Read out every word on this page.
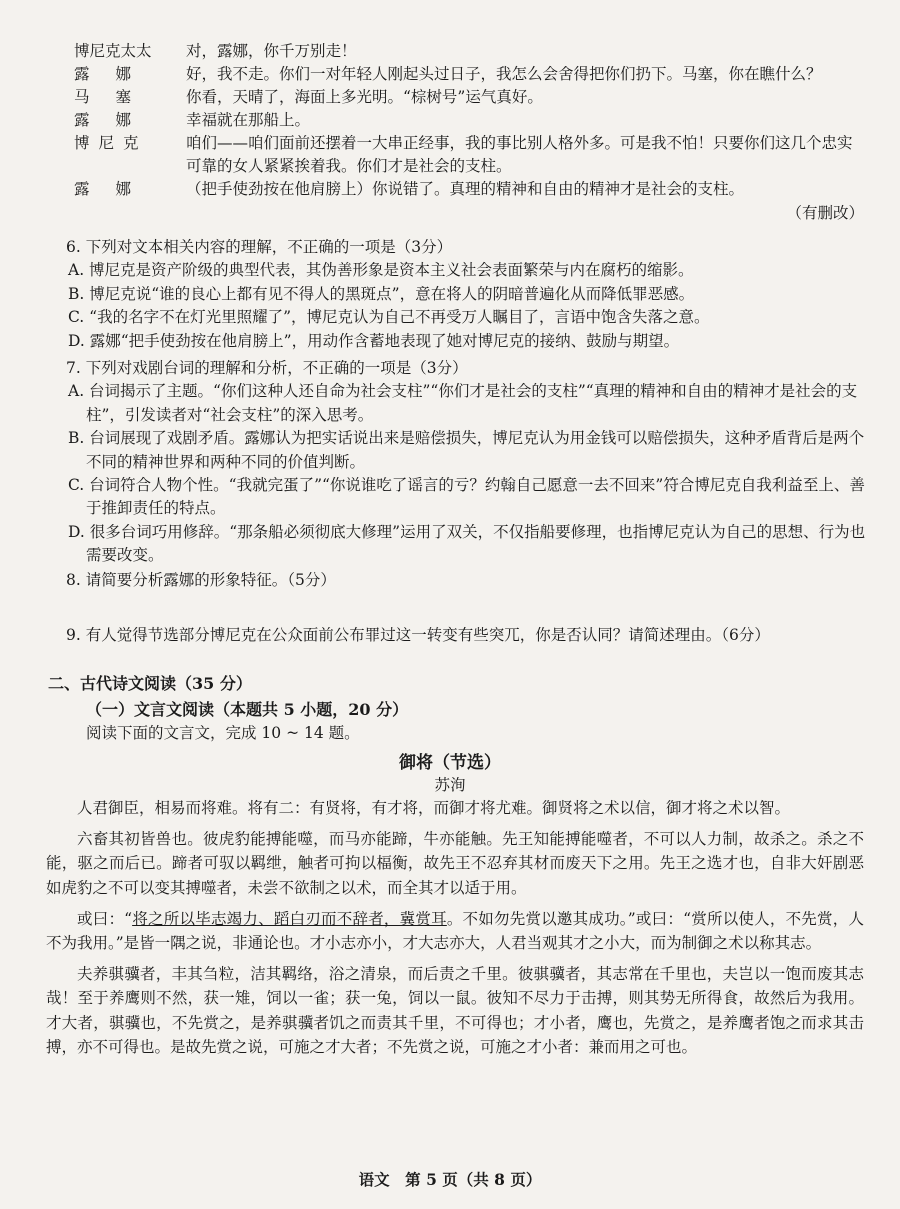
博尼克太太	对，露娜，你千万别走！
露娜	好，我不走。你们一对年轻人刚起头过日子，我怎么会舍得把你们扔下。马塞，你在瞧什么？
马塞	你看，天晴了，海面上多光明。“棕树号”运气真好。
露娜	幸福就在那船上。
博尼克	咱们——咱们面前还摆着一大串正经事，我的事比别人格外多。可是我不怕！只要你们这几个忠实可靠的女人紧紧挨着我。你们才是社会的支柱。
露娜	（把手使劲按在他肩膀上）你说错了。真理的精神和自由的精神才是社会的支柱。
（有删改）

6. 下列对文本相关内容的理解，不正确的一项是（3分）

A. 博尼克是资产阶级的典型代表，其伪善形象是资本主义社会表面繁荣与内在腐朽的缩影。

B. 博尼克说“谁的良心上都有见不得人的黑斑点”，意在将人的阴暗普遍化从而降低罪恶感。

C. “我的名字不在灯光里照耀了”，博尼克认为自己不再受万人瞩目了，言语中饱含失落之意。

D. 露娜“把手使劲按在他肩膀上”，用动作含蓄地表现了她对博尼克的接纳、鼓励与期望。

7. 下列对戏剧台词的理解和分析，不正确的一项是（3分）

A. 台词揭示了主题。“你们这种人还自命为社会支柱”“你们才是社会的支柱”“真理的精神和自由的精神才是社会的支柱”，引发读者对“社会支柱”的深入思考。

B. 台词展现了戏剧矛盾。露娜认为把实话说出来是赔偿损失，博尼克认为用金钱可以赔偿损失，这种矛盾背后是两个不同的精神世界和两种不同的价值判断。

C. 台词符合人物个性。“我就完蛋了”“你说谁吃了谣言的亏？约翰自己愿意一去不回来”符合博尼克自我利益至上、善于推卸责任的特点。

D. 很多台词巧用修辞。“那条船必须彻底大修理”运用了双关，不仅指船要修理，也指博尼克认为自己的思想、行为也需要改变。

8. 请简要分析露娜的形象特征。（5分）
9. 有人觉得节选部分博尼克在公众面前公布罪过这一转变有些突兀，你是否认同？请简述理由。（6分）
二、古代诗文阅读（35 分）
（一）文言文阅读（本题共 5 小题，20 分）
阅读下面的文言文，完成 10 ~ 14 题。
御将（节选）
苏洵

人君御臣，相易而将难。将有二：有贤将，有才将，而御才将尤难。御贤将之术以信，御才将之术以智。

六畜其初皆兽也。彼虎豹能搏能噬，而马亦能蹄，牛亦能触。先王知能搏能噬者，不可以人力制，故杀之。杀之不能，驱之而后已。蹄者可驭以羁绁，触者可拘以楅衡，故先王不忍弃其材而废天下之用。先王之选才也，自非大奸剧恶如虎豹之不可以变其搏噬者，未尝不欲制之以术，而全其才以适于用。

或曰：“将之所以毕志竭力、蹈白刃而不辞者，冀赏耳。不如勿先赏以邀其成功。”或曰：“赏所以使人，不先赏，人不为我用。”是皆一隅之说，非通论也。才小志亦小，才大志亦大，人君当观其才之小大，而为制御之术以称其志。

夫养骐骥者，丰其刍粒，洁其羁络，浴之清泉，而后责之千里。彼骐骥者，其志常在千里也，夫岂以一饱而废其志哉！至于养鹰则不然，获一雉，饲以一雀；获一兔，饲以一鼠。彼知不尽力于击搏，则其势无所得食，故然后为我用。才大者，骐骥也，不先赏之，是养骐骥者饥之而责其千里，不可得也；才小者，鹰也，先赏之，是养鹰者饱之而求其击搏，亦不可得也。是故先赏之说，可施之才大者；不先赏之说，可施之才小者：兼而用之可也。

语文　第 5 页（共 8 页）
